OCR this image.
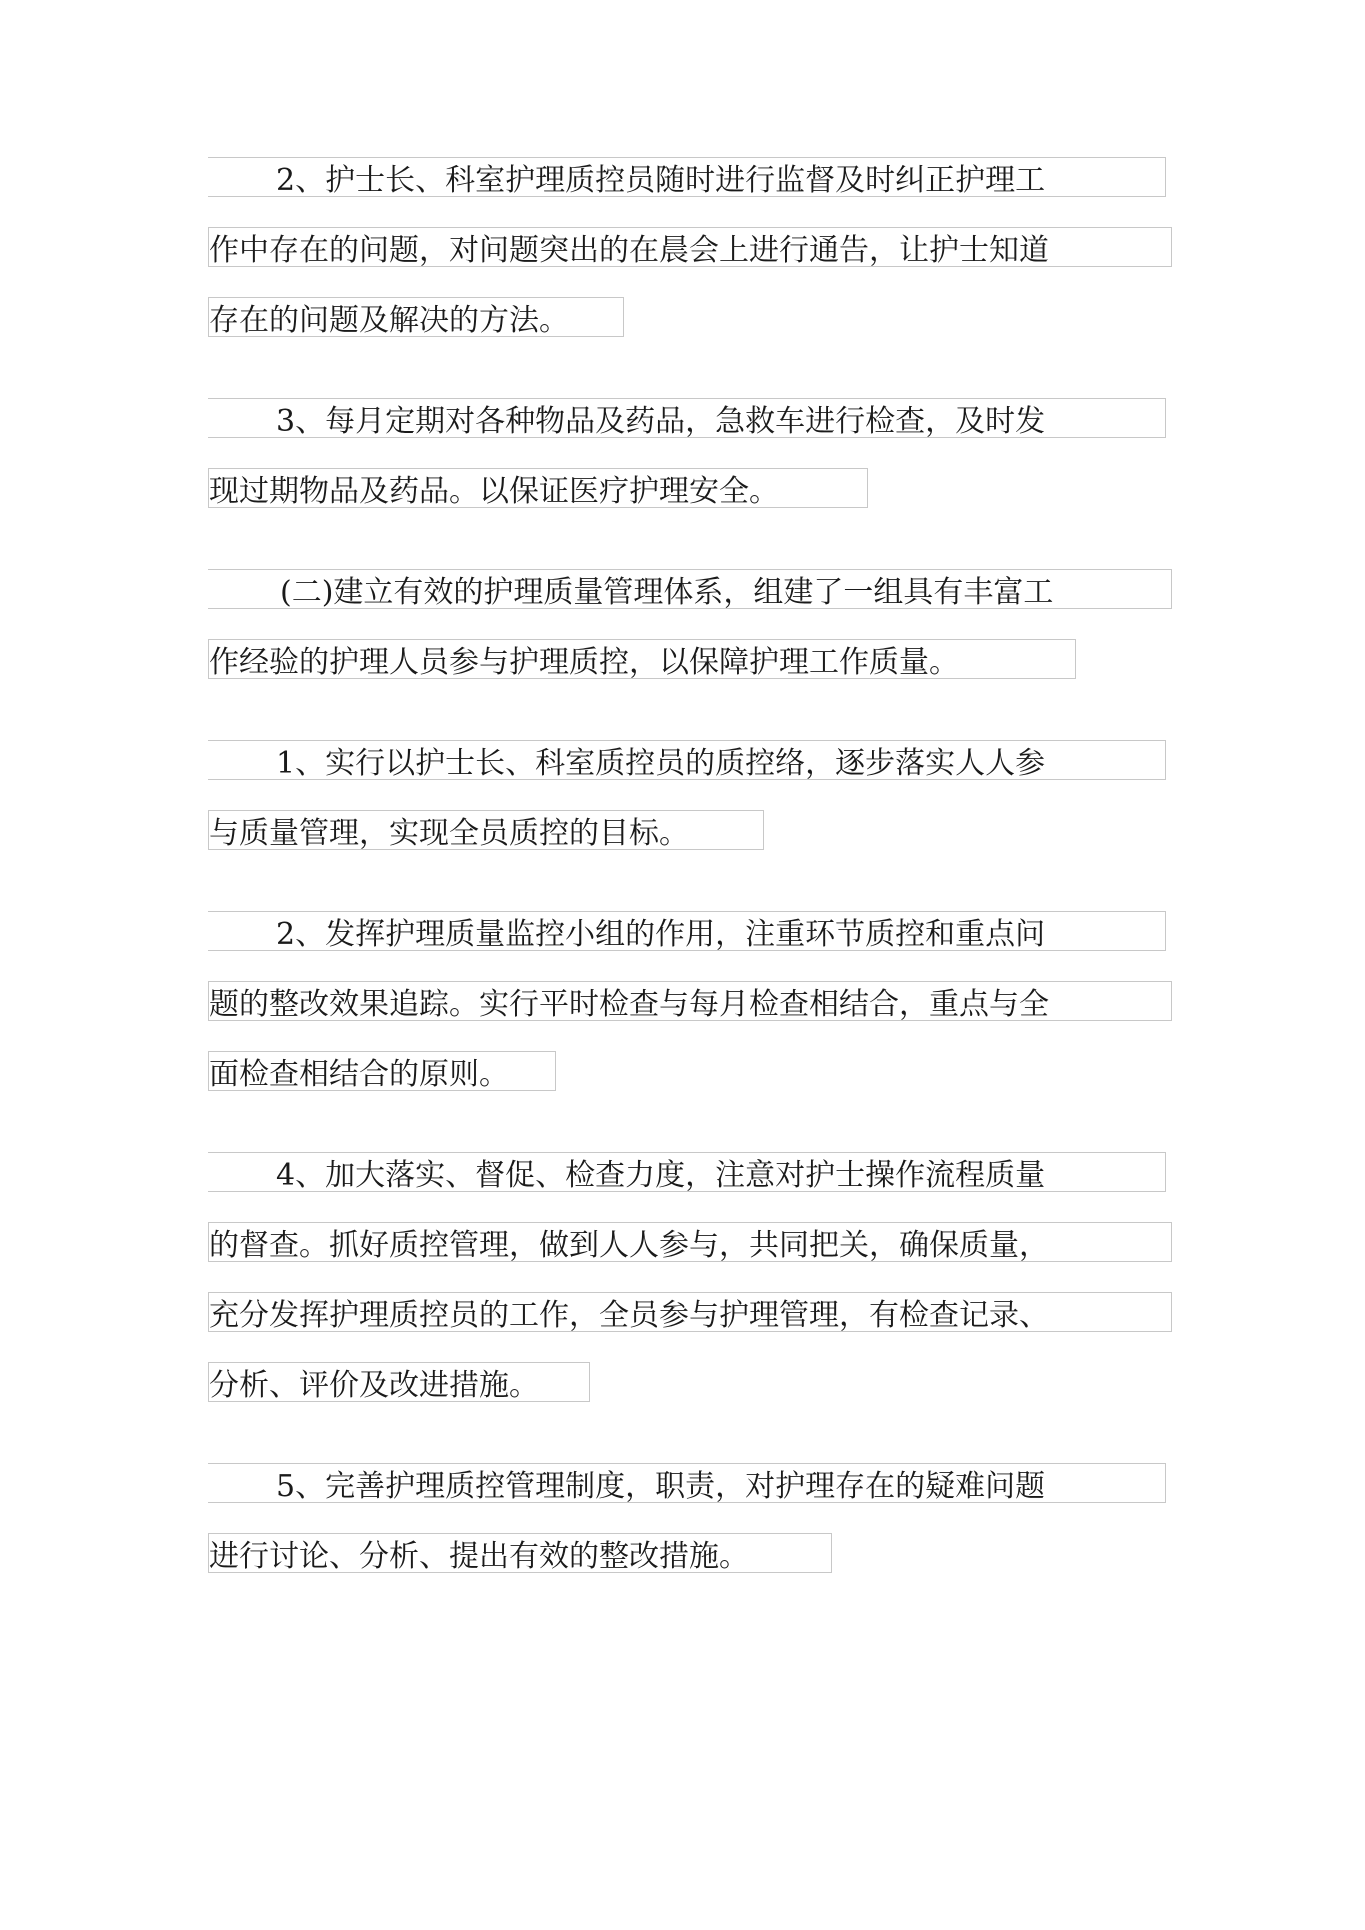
2、护士长、科室护理质控员随时进行监督及时纠正护理工
作中存在的问题，对问题突出的在晨会上进行通告，让护士知道
存在的问题及解决的方法。
3、每月定期对各种物品及药品，急救车进行检查，及时发
现过期物品及药品。以保证医疗护理安全。
(二)建立有效的护理质量管理体系，组建了一组具有丰富工
作经验的护理人员参与护理质控，以保障护理工作质量。
1、实行以护士长、科室质控员的质控络，逐步落实人人参
与质量管理，实现全员质控的目标。
2、发挥护理质量监控小组的作用，注重环节质控和重点问
题的整改效果追踪。实行平时检查与每月检查相结合，重点与全
面检查相结合的原则。
4、加大落实、督促、检查力度，注意对护士操作流程质量
的督查。抓好质控管理，做到人人参与，共同把关，确保质量，
充分发挥护理质控员的工作，全员参与护理管理，有检查记录、
分析、评价及改进措施。
5、完善护理质控管理制度，职责，对护理存在的疑难问题
进行讨论、分析、提出有效的整改措施。
